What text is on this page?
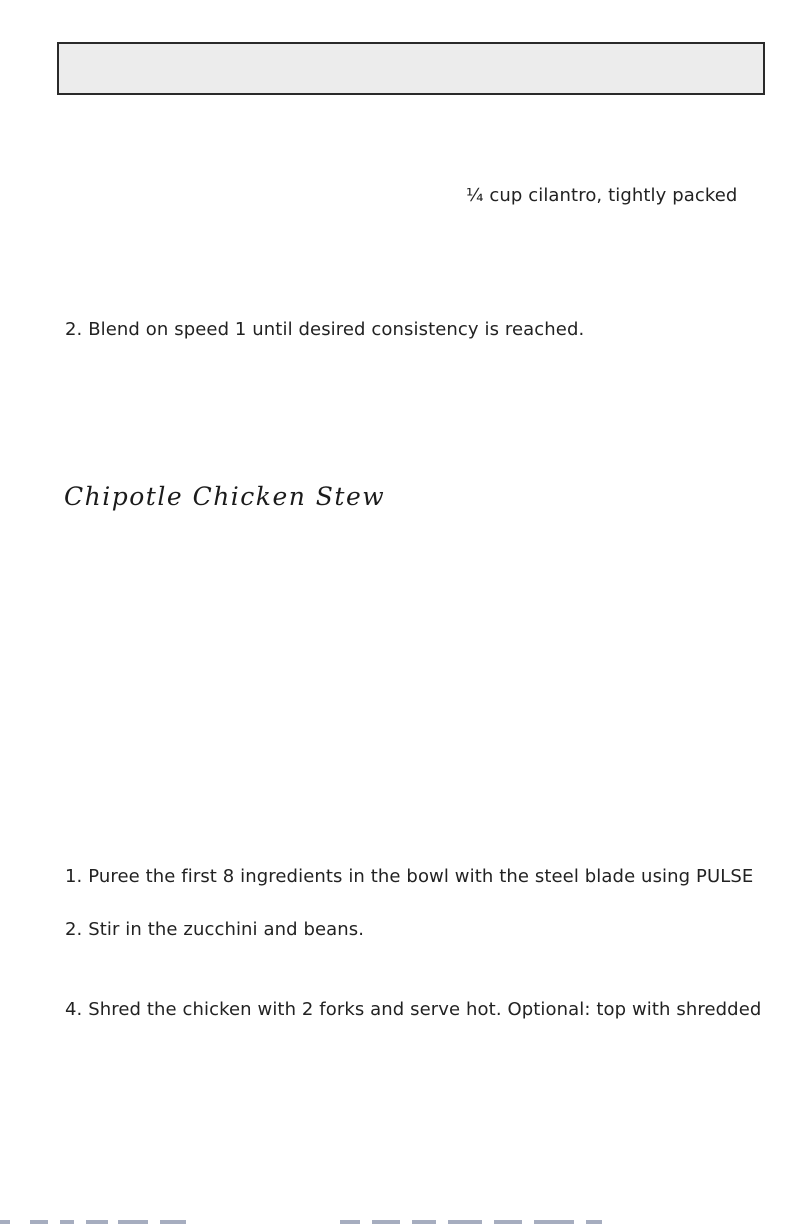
¼ cup cilantro, tightly packed
2. Blend on speed 1 until desired consistency is reached.
Chipotle Chicken Stew
1. Puree the first 8 ingredients in the bowl with the steel blade using PULSE
2. Stir in the zucchini and beans.
4. Shred the chicken with 2 forks and serve hot. Optional: top with shredded
